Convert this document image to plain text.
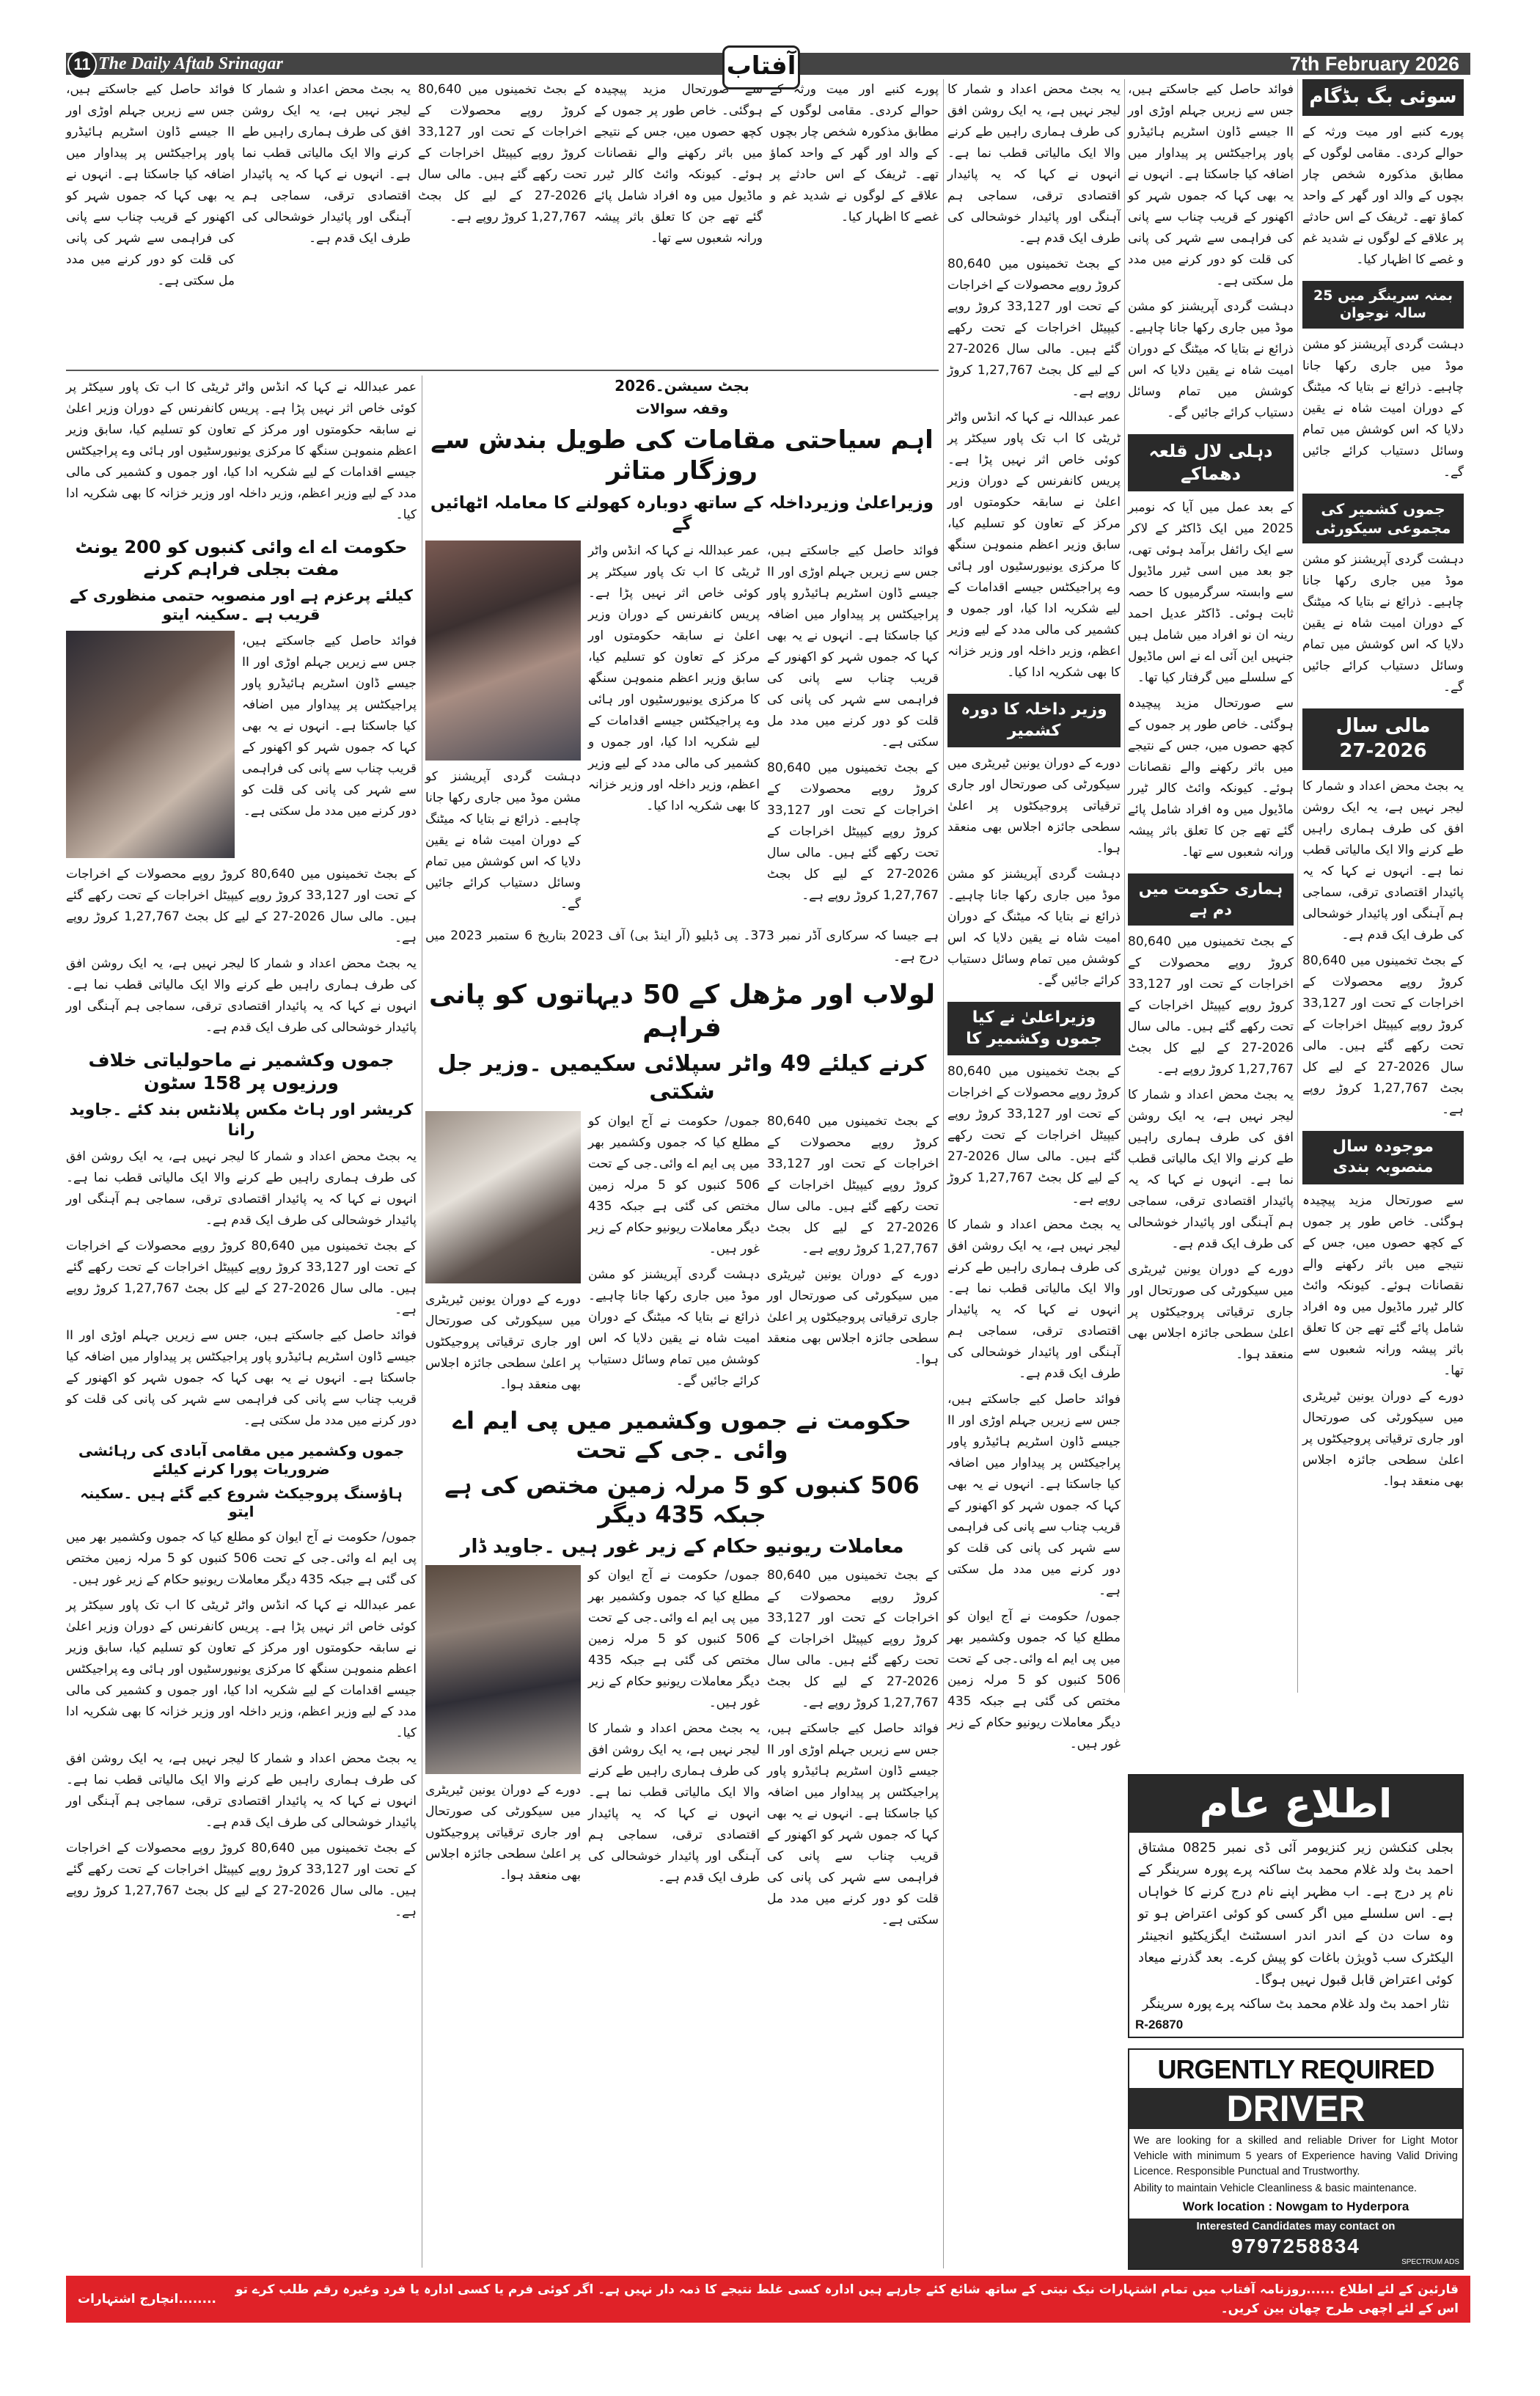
11 The Daily Aftab Srinagar	آفتاب	7th February 2026

فوائد حاصل کیے جاسکتے ہیں، جس سے زیریں جہلم اوڑی اور II جیسے ڈاون اسٹریم ہائیڈرو پاور پراجیکٹس پر پیداوار میں اضافہ کیا جاسکتا ہے۔ انہوں نے یہ بھی کہا کہ جموں شہر کو اکھنور کے قریب چناب سے پانی کی فراہمی سے شہر کی پانی کی قلت کو دور کرنے میں مدد مل سکتی ہے۔

یہ بجٹ محض اعداد و شمار کا لیجر نہیں ہے، یہ ایک روشن افق کی طرف ہماری راہیں طے کرنے والا ایک مالیاتی قطب نما ہے۔ انہوں نے کہا کہ یہ پائیدار اقتصادی ترقی، سماجی ہم آہنگی اور پائیدار خوشحالی کی طرف ایک قدم ہے۔

کے بجٹ تخمینوں میں 80,640 کروڑ روپے محصولات کے اخراجات کے تحت اور 33,127 کروڑ روپے کیپیٹل اخراجات کے تحت رکھے گئے ہیں۔ مالی سال 2026-27 کے لیے کل بجٹ 1,27,767 کروڑ روپے ہے۔

سے صورتحال مزید پیچیدہ ہوگئی۔ خاص طور پر جموں کے کچھ حصوں میں، جس کے نتیجے میں باثر رکھنے والے نقصانات ہوئے۔ کیونکہ وائٹ کالر ٹیرر ماڈیول میں وہ افراد شامل پائے گئے تھے جن کا تعلق باثر پیشہ ورانہ شعبوں سے تھا۔

پورے کنبے اور میت ورثہ کے حوالے کردی۔ مقامی لوگوں کے مطابق مذکورہ شخص چار بچوں کے والد اور گھر کے واحد کماؤ تھے۔ ٹریفک کے اس حادثے پر علاقے کے لوگوں نے شدید غم و غصے کا اظہار کیا۔

عمر عبداللہ نے کہا کہ انڈس واٹر ٹریٹی کا اب تک پاور سیکٹر پر کوئی خاص اثر نہیں پڑا ہے۔ پریس کانفرنس کے دوران وزیر اعلیٰ نے سابقہ حکومتوں اور مرکز کے تعاون کو تسلیم کیا، سابق وزیر اعظم منموہن سنگھ کا مرکزی یونیورسٹیوں اور ہائی وے پراجیکٹس جیسے اقدامات کے لیے شکریہ ادا کیا، اور جموں و کشمیر کی مالی مدد کے لیے وزیر اعظم، وزیر داخلہ اور وزیر خزانہ کا بھی شکریہ ادا کیا۔

حکومت اے اے وائی کنبوں کو 200 یونٹ مفت بجلی فراہم کرنے
کیلئے پرعزم ہے اور منصوبہ حتمی منظوری کے قریب ہے ۔سکینہ ایتو

فوائد حاصل کیے جاسکتے ہیں، جس سے زیریں جہلم اوڑی اور II جیسے ڈاون اسٹریم ہائیڈرو پاور پراجیکٹس پر پیداوار میں اضافہ کیا جاسکتا ہے۔ انہوں نے یہ بھی کہا کہ جموں شہر کو اکھنور کے قریب چناب سے پانی کی فراہمی سے شہر کی پانی کی قلت کو دور کرنے میں مدد مل سکتی ہے۔

کے بجٹ تخمینوں میں 80,640 کروڑ روپے محصولات کے اخراجات کے تحت اور 33,127 کروڑ روپے کیپیٹل اخراجات کے تحت رکھے گئے ہیں۔ مالی سال 2026-27 کے لیے کل بجٹ 1,27,767 کروڑ روپے ہے۔

یہ بجٹ محض اعداد و شمار کا لیجر نہیں ہے، یہ ایک روشن افق کی طرف ہماری راہیں طے کرنے والا ایک مالیاتی قطب نما ہے۔ انہوں نے کہا کہ یہ پائیدار اقتصادی ترقی، سماجی ہم آہنگی اور پائیدار خوشحالی کی طرف ایک قدم ہے۔

جموں وکشمیر نے ماحولیاتی خلاف ورزیوں پر 158 سٹون
کریشر اور ہاٹ مکس پلانٹس بند کئے ۔جاوید رانا

یہ بجٹ محض اعداد و شمار کا لیجر نہیں ہے، یہ ایک روشن افق کی طرف ہماری راہیں طے کرنے والا ایک مالیاتی قطب نما ہے۔ انہوں نے کہا کہ یہ پائیدار اقتصادی ترقی، سماجی ہم آہنگی اور پائیدار خوشحالی کی طرف ایک قدم ہے۔

کے بجٹ تخمینوں میں 80,640 کروڑ روپے محصولات کے اخراجات کے تحت اور 33,127 کروڑ روپے کیپیٹل اخراجات کے تحت رکھے گئے ہیں۔ مالی سال 2026-27 کے لیے کل بجٹ 1,27,767 کروڑ روپے ہے۔

فوائد حاصل کیے جاسکتے ہیں، جس سے زیریں جہلم اوڑی اور II جیسے ڈاون اسٹریم ہائیڈرو پاور پراجیکٹس پر پیداوار میں اضافہ کیا جاسکتا ہے۔ انہوں نے یہ بھی کہا کہ جموں شہر کو اکھنور کے قریب چناب سے پانی کی فراہمی سے شہر کی پانی کی قلت کو دور کرنے میں مدد مل سکتی ہے۔

جموں وکشمیر میں مقامی آبادی کی رہائشی ضروریات پورا کرنے کیلئے
ہاؤسنگ پروجیکٹ شروع کیے گئے ہیں ۔سکینہ ایتو

جموں/ حکومت نے آج ایوان کو مطلع کیا کہ جموں وکشمیر بھر میں پی ایم اے وائی۔جی کے تحت 506 کنبوں کو 5 مرلہ زمین مختص کی گئی ہے جبکہ 435 دیگر معاملات ریونیو حکام کے زیر غور ہیں۔

عمر عبداللہ نے کہا کہ انڈس واٹر ٹریٹی کا اب تک پاور سیکٹر پر کوئی خاص اثر نہیں پڑا ہے۔ پریس کانفرنس کے دوران وزیر اعلیٰ نے سابقہ حکومتوں اور مرکز کے تعاون کو تسلیم کیا، سابق وزیر اعظم منموہن سنگھ کا مرکزی یونیورسٹیوں اور ہائی وے پراجیکٹس جیسے اقدامات کے لیے شکریہ ادا کیا، اور جموں و کشمیر کی مالی مدد کے لیے وزیر اعظم، وزیر داخلہ اور وزیر خزانہ کا بھی شکریہ ادا کیا۔

یہ بجٹ محض اعداد و شمار کا لیجر نہیں ہے، یہ ایک روشن افق کی طرف ہماری راہیں طے کرنے والا ایک مالیاتی قطب نما ہے۔ انہوں نے کہا کہ یہ پائیدار اقتصادی ترقی، سماجی ہم آہنگی اور پائیدار خوشحالی کی طرف ایک قدم ہے۔

کے بجٹ تخمینوں میں 80,640 کروڑ روپے محصولات کے اخراجات کے تحت اور 33,127 کروڑ روپے کیپیٹل اخراجات کے تحت رکھے گئے ہیں۔ مالی سال 2026-27 کے لیے کل بجٹ 1,27,767 کروڑ روپے ہے۔

بجٹ سیشن۔2026
وقفہ سوالات
اہم سیاحتی مقامات کی طویل بندش سے روزگار متاثر
وزیراعلیٰ وزیرداخلہ کے ساتھ دوبارہ کھولنے کا معاملہ اٹھائیں گے

دہشت گردی آپریشنز کو مشن موڈ میں جاری رکھا جانا چاہیے۔ ذرائع نے بتایا کہ میٹنگ کے دوران امیت شاہ نے یقین دلایا کہ اس کوشش میں تمام وسائل دستیاب کرائے جائیں گے۔

عمر عبداللہ نے کہا کہ انڈس واٹر ٹریٹی کا اب تک پاور سیکٹر پر کوئی خاص اثر نہیں پڑا ہے۔ پریس کانفرنس کے دوران وزیر اعلیٰ نے سابقہ حکومتوں اور مرکز کے تعاون کو تسلیم کیا، سابق وزیر اعظم منموہن سنگھ کا مرکزی یونیورسٹیوں اور ہائی وے پراجیکٹس جیسے اقدامات کے لیے شکریہ ادا کیا، اور جموں و کشمیر کی مالی مدد کے لیے وزیر اعظم، وزیر داخلہ اور وزیر خزانہ کا بھی شکریہ ادا کیا۔

فوائد حاصل کیے جاسکتے ہیں، جس سے زیریں جہلم اوڑی اور II جیسے ڈاون اسٹریم ہائیڈرو پاور پراجیکٹس پر پیداوار میں اضافہ کیا جاسکتا ہے۔ انہوں نے یہ بھی کہا کہ جموں شہر کو اکھنور کے قریب چناب سے پانی کی فراہمی سے شہر کی پانی کی قلت کو دور کرنے میں مدد مل سکتی ہے۔

کے بجٹ تخمینوں میں 80,640 کروڑ روپے محصولات کے اخراجات کے تحت اور 33,127 کروڑ روپے کیپیٹل اخراجات کے تحت رکھے گئے ہیں۔ مالی سال 2026-27 کے لیے کل بجٹ 1,27,767 کروڑ روپے ہے۔

ہے جیسا کہ سرکاری آڈر نمبر 373۔ پی ڈبلیو (آر اینڈ بی) آف 2023 بتاریخ 6 ستمبر 2023 میں درج ہے۔

لولاب اور مڑھل کے 50 دیہاتوں کو پانی فراہم
کرنے کیلئے 49 واٹر سپلائی سکیمیں ۔وزیر جل شکتی

دورے کے دوران یونین ٹیریٹری میں سیکورٹی کی صورتحال اور جاری ترقیاتی پروجیکٹوں پر اعلیٰ سطحی جائزہ اجلاس بھی منعقد ہوا۔

جموں/ حکومت نے آج ایوان کو مطلع کیا کہ جموں وکشمیر بھر میں پی ایم اے وائی۔جی کے تحت 506 کنبوں کو 5 مرلہ زمین مختص کی گئی ہے جبکہ 435 دیگر معاملات ریونیو حکام کے زیر غور ہیں۔

دہشت گردی آپریشنز کو مشن موڈ میں جاری رکھا جانا چاہیے۔ ذرائع نے بتایا کہ میٹنگ کے دوران امیت شاہ نے یقین دلایا کہ اس کوشش میں تمام وسائل دستیاب کرائے جائیں گے۔

کے بجٹ تخمینوں میں 80,640 کروڑ روپے محصولات کے اخراجات کے تحت اور 33,127 کروڑ روپے کیپیٹل اخراجات کے تحت رکھے گئے ہیں۔ مالی سال 2026-27 کے لیے کل بجٹ 1,27,767 کروڑ روپے ہے۔

دورے کے دوران یونین ٹیریٹری میں سیکورٹی کی صورتحال اور جاری ترقیاتی پروجیکٹوں پر اعلیٰ سطحی جائزہ اجلاس بھی منعقد ہوا۔

حکومت نے جموں وکشمیر میں پی ایم اے وائی ۔جی کے تحت
506 کنبوں کو 5 مرلہ زمین مختص کی ہے جبکہ 435 دیگر
معاملات ریونیو حکام کے زیر غور ہیں ۔جاوید ڈار

دورے کے دوران یونین ٹیریٹری میں سیکورٹی کی صورتحال اور جاری ترقیاتی پروجیکٹوں پر اعلیٰ سطحی جائزہ اجلاس بھی منعقد ہوا۔

جموں/ حکومت نے آج ایوان کو مطلع کیا کہ جموں وکشمیر بھر میں پی ایم اے وائی۔جی کے تحت 506 کنبوں کو 5 مرلہ زمین مختص کی گئی ہے جبکہ 435 دیگر معاملات ریونیو حکام کے زیر غور ہیں۔

یہ بجٹ محض اعداد و شمار کا لیجر نہیں ہے، یہ ایک روشن افق کی طرف ہماری راہیں طے کرنے والا ایک مالیاتی قطب نما ہے۔ انہوں نے کہا کہ یہ پائیدار اقتصادی ترقی، سماجی ہم آہنگی اور پائیدار خوشحالی کی طرف ایک قدم ہے۔

کے بجٹ تخمینوں میں 80,640 کروڑ روپے محصولات کے اخراجات کے تحت اور 33,127 کروڑ روپے کیپیٹل اخراجات کے تحت رکھے گئے ہیں۔ مالی سال 2026-27 کے لیے کل بجٹ 1,27,767 کروڑ روپے ہے۔

فوائد حاصل کیے جاسکتے ہیں، جس سے زیریں جہلم اوڑی اور II جیسے ڈاون اسٹریم ہائیڈرو پاور پراجیکٹس پر پیداوار میں اضافہ کیا جاسکتا ہے۔ انہوں نے یہ بھی کہا کہ جموں شہر کو اکھنور کے قریب چناب سے پانی کی فراہمی سے شہر کی پانی کی قلت کو دور کرنے میں مدد مل سکتی ہے۔

یہ بجٹ محض اعداد و شمار کا لیجر نہیں ہے، یہ ایک روشن افق کی طرف ہماری راہیں طے کرنے والا ایک مالیاتی قطب نما ہے۔ انہوں نے کہا کہ یہ پائیدار اقتصادی ترقی، سماجی ہم آہنگی اور پائیدار خوشحالی کی طرف ایک قدم ہے۔

کے بجٹ تخمینوں میں 80,640 کروڑ روپے محصولات کے اخراجات کے تحت اور 33,127 کروڑ روپے کیپیٹل اخراجات کے تحت رکھے گئے ہیں۔ مالی سال 2026-27 کے لیے کل بجٹ 1,27,767 کروڑ روپے ہے۔

عمر عبداللہ نے کہا کہ انڈس واٹر ٹریٹی کا اب تک پاور سیکٹر پر کوئی خاص اثر نہیں پڑا ہے۔ پریس کانفرنس کے دوران وزیر اعلیٰ نے سابقہ حکومتوں اور مرکز کے تعاون کو تسلیم کیا، سابق وزیر اعظم منموہن سنگھ کا مرکزی یونیورسٹیوں اور ہائی وے پراجیکٹس جیسے اقدامات کے لیے شکریہ ادا کیا، اور جموں و کشمیر کی مالی مدد کے لیے وزیر اعظم، وزیر داخلہ اور وزیر خزانہ کا بھی شکریہ ادا کیا۔

وزیر داخلہ کا دورہ کشمیر

دورے کے دوران یونین ٹیریٹری میں سیکورٹی کی صورتحال اور جاری ترقیاتی پروجیکٹوں پر اعلیٰ سطحی جائزہ اجلاس بھی منعقد ہوا۔

دہشت گردی آپریشنز کو مشن موڈ میں جاری رکھا جانا چاہیے۔ ذرائع نے بتایا کہ میٹنگ کے دوران امیت شاہ نے یقین دلایا کہ اس کوشش میں تمام وسائل دستیاب کرائے جائیں گے۔

وزیراعلیٰ نے کیا جموں وکشمیر کا

کے بجٹ تخمینوں میں 80,640 کروڑ روپے محصولات کے اخراجات کے تحت اور 33,127 کروڑ روپے کیپیٹل اخراجات کے تحت رکھے گئے ہیں۔ مالی سال 2026-27 کے لیے کل بجٹ 1,27,767 کروڑ روپے ہے۔

یہ بجٹ محض اعداد و شمار کا لیجر نہیں ہے، یہ ایک روشن افق کی طرف ہماری راہیں طے کرنے والا ایک مالیاتی قطب نما ہے۔ انہوں نے کہا کہ یہ پائیدار اقتصادی ترقی، سماجی ہم آہنگی اور پائیدار خوشحالی کی طرف ایک قدم ہے۔

فوائد حاصل کیے جاسکتے ہیں، جس سے زیریں جہلم اوڑی اور II جیسے ڈاون اسٹریم ہائیڈرو پاور پراجیکٹس پر پیداوار میں اضافہ کیا جاسکتا ہے۔ انہوں نے یہ بھی کہا کہ جموں شہر کو اکھنور کے قریب چناب سے پانی کی فراہمی سے شہر کی پانی کی قلت کو دور کرنے میں مدد مل سکتی ہے۔

جموں/ حکومت نے آج ایوان کو مطلع کیا کہ جموں وکشمیر بھر میں پی ایم اے وائی۔جی کے تحت 506 کنبوں کو 5 مرلہ زمین مختص کی گئی ہے جبکہ 435 دیگر معاملات ریونیو حکام کے زیر غور ہیں۔

فوائد حاصل کیے جاسکتے ہیں، جس سے زیریں جہلم اوڑی اور II جیسے ڈاون اسٹریم ہائیڈرو پاور پراجیکٹس پر پیداوار میں اضافہ کیا جاسکتا ہے۔ انہوں نے یہ بھی کہا کہ جموں شہر کو اکھنور کے قریب چناب سے پانی کی فراہمی سے شہر کی پانی کی قلت کو دور کرنے میں مدد مل سکتی ہے۔

دہشت گردی آپریشنز کو مشن موڈ میں جاری رکھا جانا چاہیے۔ ذرائع نے بتایا کہ میٹنگ کے دوران امیت شاہ نے یقین دلایا کہ اس کوشش میں تمام وسائل دستیاب کرائے جائیں گے۔

دہلی لال قلعہ دھماکے

کے بعد عمل میں آیا کہ نومبر 2025 میں ایک ڈاکٹر کے لاکر سے ایک رائفل برآمد ہوئی تھی، جو بعد میں اسی ٹیرر ماڈیول سے وابستہ سرگرمیوں کا حصہ ثابت ہوئی۔ ڈاکٹر عدیل احمد رینہ ان نو افراد میں شامل ہیں جنہیں این آئی اے نے اس ماڈیول کے سلسلے میں گرفتار کیا تھا۔

سے صورتحال مزید پیچیدہ ہوگئی۔ خاص طور پر جموں کے کچھ حصوں میں، جس کے نتیجے میں باثر رکھنے والے نقصانات ہوئے۔ کیونکہ وائٹ کالر ٹیرر ماڈیول میں وہ افراد شامل پائے گئے تھے جن کا تعلق باثر پیشہ ورانہ شعبوں سے تھا۔

ہماری حکومت میں دم ہے

کے بجٹ تخمینوں میں 80,640 کروڑ روپے محصولات کے اخراجات کے تحت اور 33,127 کروڑ روپے کیپیٹل اخراجات کے تحت رکھے گئے ہیں۔ مالی سال 2026-27 کے لیے کل بجٹ 1,27,767 کروڑ روپے ہے۔

یہ بجٹ محض اعداد و شمار کا لیجر نہیں ہے، یہ ایک روشن افق کی طرف ہماری راہیں طے کرنے والا ایک مالیاتی قطب نما ہے۔ انہوں نے کہا کہ یہ پائیدار اقتصادی ترقی، سماجی ہم آہنگی اور پائیدار خوشحالی کی طرف ایک قدم ہے۔

دورے کے دوران یونین ٹیریٹری میں سیکورٹی کی صورتحال اور جاری ترقیاتی پروجیکٹوں پر اعلیٰ سطحی جائزہ اجلاس بھی منعقد ہوا۔

سوئی بگ بڈگام

پورے کنبے اور میت ورثہ کے حوالے کردی۔ مقامی لوگوں کے مطابق مذکورہ شخص چار بچوں کے والد اور گھر کے واحد کماؤ تھے۔ ٹریفک کے اس حادثے پر علاقے کے لوگوں نے شدید غم و غصے کا اظہار کیا۔

بمنہ سرینگر میں 25 سالہ نوجوان

دہشت گردی آپریشنز کو مشن موڈ میں جاری رکھا جانا چاہیے۔ ذرائع نے بتایا کہ میٹنگ کے دوران امیت شاہ نے یقین دلایا کہ اس کوشش میں تمام وسائل دستیاب کرائے جائیں گے۔

جموں کشمیر کی مجموعی سیکورٹی

دہشت گردی آپریشنز کو مشن موڈ میں جاری رکھا جانا چاہیے۔ ذرائع نے بتایا کہ میٹنگ کے دوران امیت شاہ نے یقین دلایا کہ اس کوشش میں تمام وسائل دستیاب کرائے جائیں گے۔

مالی سال 2026-27

یہ بجٹ محض اعداد و شمار کا لیجر نہیں ہے، یہ ایک روشن افق کی طرف ہماری راہیں طے کرنے والا ایک مالیاتی قطب نما ہے۔ انہوں نے کہا کہ یہ پائیدار اقتصادی ترقی، سماجی ہم آہنگی اور پائیدار خوشحالی کی طرف ایک قدم ہے۔

کے بجٹ تخمینوں میں 80,640 کروڑ روپے محصولات کے اخراجات کے تحت اور 33,127 کروڑ روپے کیپیٹل اخراجات کے تحت رکھے گئے ہیں۔ مالی سال 2026-27 کے لیے کل بجٹ 1,27,767 کروڑ روپے ہے۔

موجودہ سال منصوبہ بندی

سے صورتحال مزید پیچیدہ ہوگئی۔ خاص طور پر جموں کے کچھ حصوں میں، جس کے نتیجے میں باثر رکھنے والے نقصانات ہوئے۔ کیونکہ وائٹ کالر ٹیرر ماڈیول میں وہ افراد شامل پائے گئے تھے جن کا تعلق باثر پیشہ ورانہ شعبوں سے تھا۔

دورے کے دوران یونین ٹیریٹری میں سیکورٹی کی صورتحال اور جاری ترقیاتی پروجیکٹوں پر اعلیٰ سطحی جائزہ اجلاس بھی منعقد ہوا۔

اطلاع عام
بجلی کنکشن زیر کنزیومر آئی ڈی نمبر 0825 مشتاق احمد بٹ ولد غلام محمد بٹ ساکنہ پرے پورہ سرینگر کے نام پر درج ہے۔ اب مظہر اپنے نام درج کرنے کا خواہاں ہے۔ اس سلسلے میں اگر کسی کو کوئی اعتراض ہو تو وہ سات دن کے اندر اندر اسسٹنٹ ایگزیکٹیو انجینئر الیکٹرک سب ڈویژن باغات کو پیش کرے۔ بعد گذرنے میعاد کوئی اعتراض قابل قبول نہیں ہوگا۔
نثار احمد بٹ ولد غلام محمد بٹ ساکنہ پرے پورہ سرینگر
R-26870
URGENTLY REQUIRED
DRIVER
We are looking for a skilled and reliable Driver for Light Motor Vehicle with minimum 5 years of Experience having Valid Driving Licence. Responsible Punctual and Trustworthy.
Ability to maintain Vehicle Cleanliness & basic maintenance.
Work location : Nowgam to Hyderpora
Interested Candidates may contact on
9797258834
SPECTRUM ADS
قارئین کے لئے اطلاع ......روزنامہ آفتاب میں تمام اشتہارات نیک نیتی کے ساتھ شائع کئے جارہے ہیں ادارہ کسی غلط نتیجے کا ذمہ دار نہیں ہے۔ اگر کوئی فرم یا کسی ادارہ یا فرد وغیرہ رقم طلب کرے تو اس کے لئے اچھی طرح چھان بین کریں۔
........انچارج اشتہارات
